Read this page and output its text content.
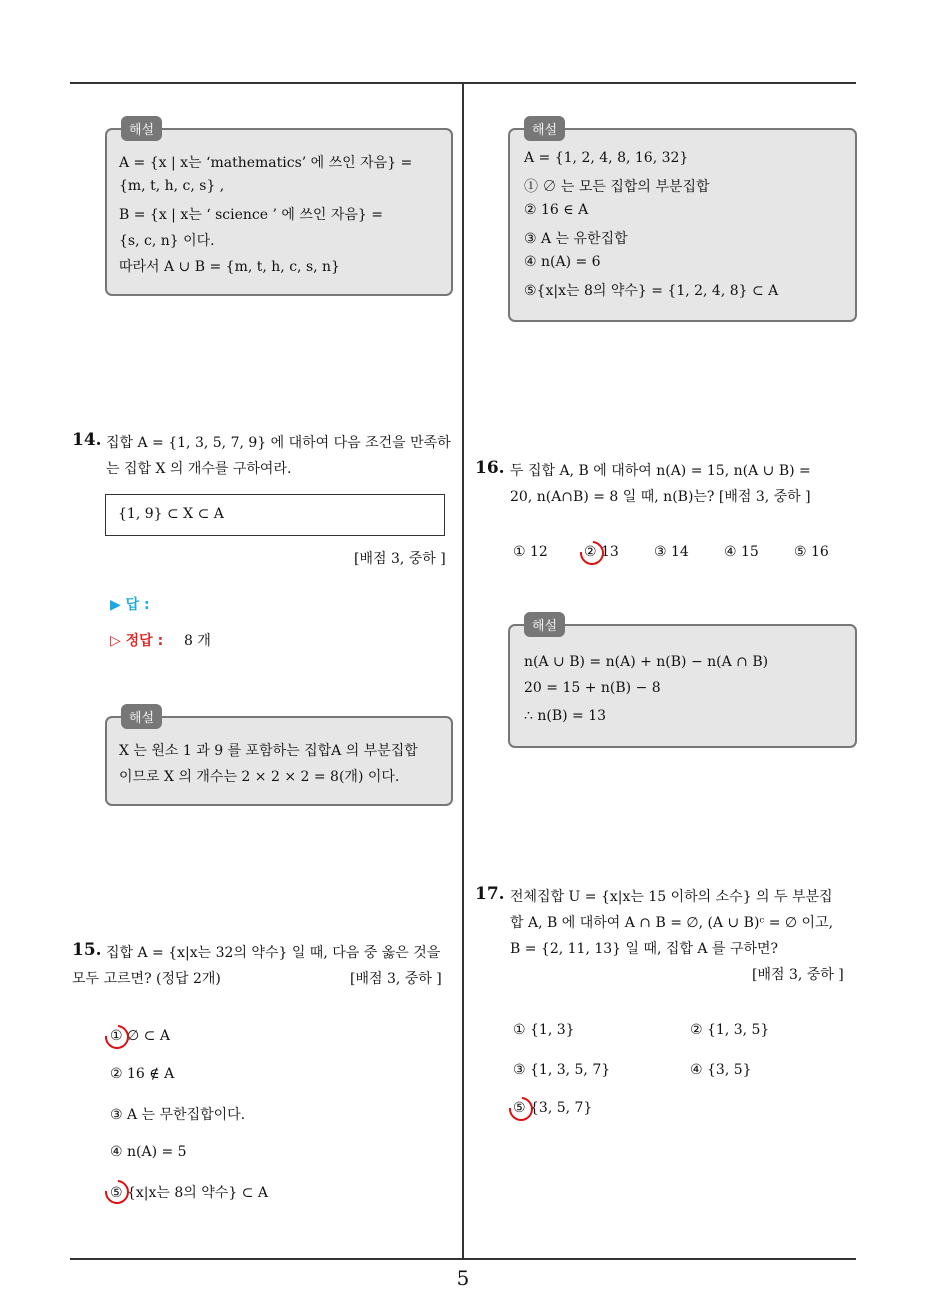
해설
A = {x | x는 ‘mathematics’ 에 쓰인 자음} =
{m, t, h, c, s} ,
B = {x | x는 ‘ science ’ 에 쓰인 자음} =
{s, c, n} 이다.
따라서 A ∪ B = {m, t, h, c, s, n}
14. 집합 A = {1, 3, 5, 7, 9} 에 대하여 다음 조건을 만족하
는 집합 X 의 개수를 구하여라.
{1, 9} ⊂ X ⊂ A
[배점 3, 중하 ]
▶ 답 :
▷ 정답 : 8 개
해설
X 는 원소 1 과 9 를 포함하는 집합A 의 부분집합
이므로 X 의 개수는 2 × 2 × 2 = 8(개) 이다.
15. 집합 A = {x|x는 32의 약수} 일 때, 다음 중 옳은 것을
모두 고르면? (정답 2개)	[배점 3, 중하 ]
① ∅ ⊂ A
② 16 ∉ A
③ A 는 무한집합이다.
④ n(A) = 5
⑤ {x|x는 8의 약수} ⊂ A
해설
A = {1, 2, 4, 8, 16, 32}
① ∅ 는 모든 집합의 부분집합
② 16 ∈ A
③ A 는 유한집합
④ n(A) = 6
⑤{x|x는 8의 약수} = {1, 2, 4, 8} ⊂ A
16. 두 집합 A, B 에 대하여 n(A) = 15, n(A ∪ B) =
20, n(A∩B) = 8 일 때, n(B)는? [배점 3, 중하 ]
① 12	② 13	③ 14	④ 15	⑤ 16
해설
n(A ∪ B) = n(A) + n(B) − n(A ∩ B)
20 = 15 + n(B) − 8
∴ n(B) = 13
17. 전체집합 U = {x|x는 15 이하의 소수} 의 두 부분집
합 A, B 에 대하여 A ∩ B = ∅, (A ∪ B)ᶜ = ∅ 이고,
B = {2, 11, 13} 일 때, 집합 A 를 구하면?
[배점 3, 중하 ]
① {1, 3}	② {1, 3, 5}
③ {1, 3, 5, 7}	④ {3, 5}
⑤ {3, 5, 7}
5
